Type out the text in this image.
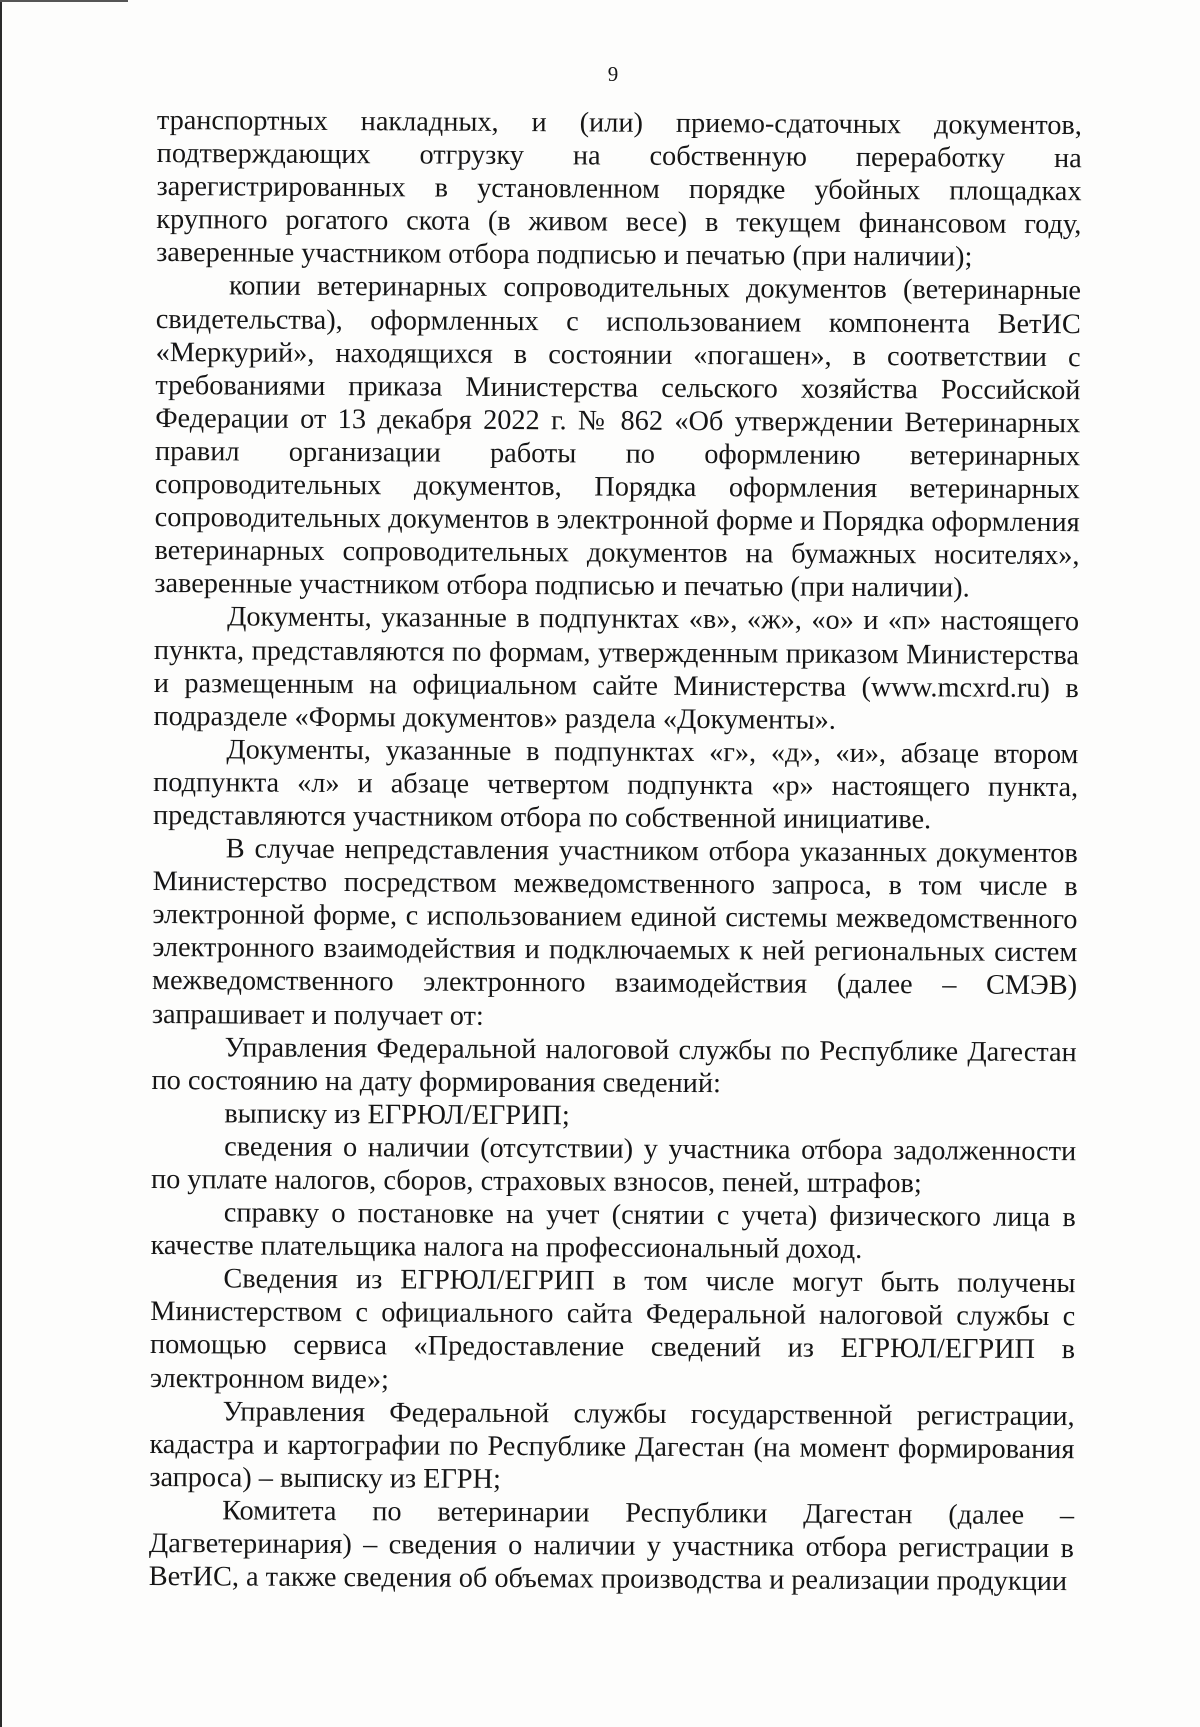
9

транспортных накладных, и (или) приемо-сдаточных документов, подтверждающих отгрузку на собственную переработку на зарегистрированных в установленном порядке убойных площадках крупного рогатого скота (в живом весе) в текущем финансовом году, заверенные участником отбора подписью и печатью (при наличии);

копии ветеринарных сопроводительных документов (ветеринарные свидетельства), оформленных с использованием компонента ВетИС «Меркурий», находящихся в состоянии «погашен», в соответствии с требованиями приказа Министерства сельского хозяйства Российской Федерации от 13 декабря 2022 г. № 862 «Об утверждении Ветеринарных правил организации работы по оформлению ветеринарных сопроводительных документов, Порядка оформления ветеринарных сопроводительных документов в электронной форме и Порядка оформления ветеринарных сопроводительных документов на бумажных носителях», заверенные участником отбора подписью и печатью (при наличии).

Документы, указанные в подпунктах «в», «ж», «о» и «п» настоящего пункта, представляются по формам, утвержденным приказом Министерства и размещенным на официальном сайте Министерства (www.mcxrd.ru) в подразделе «Формы документов» раздела «Документы».

Документы, указанные в подпунктах «г», «д», «и», абзаце втором подпункта «л» и абзаце четвертом подпункта «р» настоящего пункта, представляются участником отбора по собственной инициативе.

В случае непредставления участником отбора указанных документов Министерство посредством межведомственного запроса, в том числе в электронной форме, с использованием единой системы межведомственного электронного взаимодействия и подключаемых к ней региональных систем межведомственного электронного взаимодействия (далее – СМЭВ) запрашивает и получает от:

Управления Федеральной налоговой службы по Республике Дагестан по состоянию на дату формирования сведений:

выписку из ЕГРЮЛ/ЕГРИП;

сведения о наличии (отсутствии) у участника отбора задолженности по уплате налогов, сборов, страховых взносов, пеней, штрафов;

справку о постановке на учет (снятии с учета) физического лица в качестве плательщика налога на профессиональный доход.

Сведения из ЕГРЮЛ/ЕГРИП в том числе могут быть получены Министерством с официального сайта Федеральной налоговой службы с помощью сервиса «Предоставление сведений из ЕГРЮЛ/ЕГРИП в электронном виде»;

Управления Федеральной службы государственной регистрации, кадастра и картографии по Республике Дагестан (на момент формирования запроса) – выписку из ЕГРН;

Комитета по ветеринарии Республики Дагестан (далее – Дагветеринария) – сведения о наличии у участника отбора регистрации в ВетИС, а также сведения об объемах производства и реализации продукции
